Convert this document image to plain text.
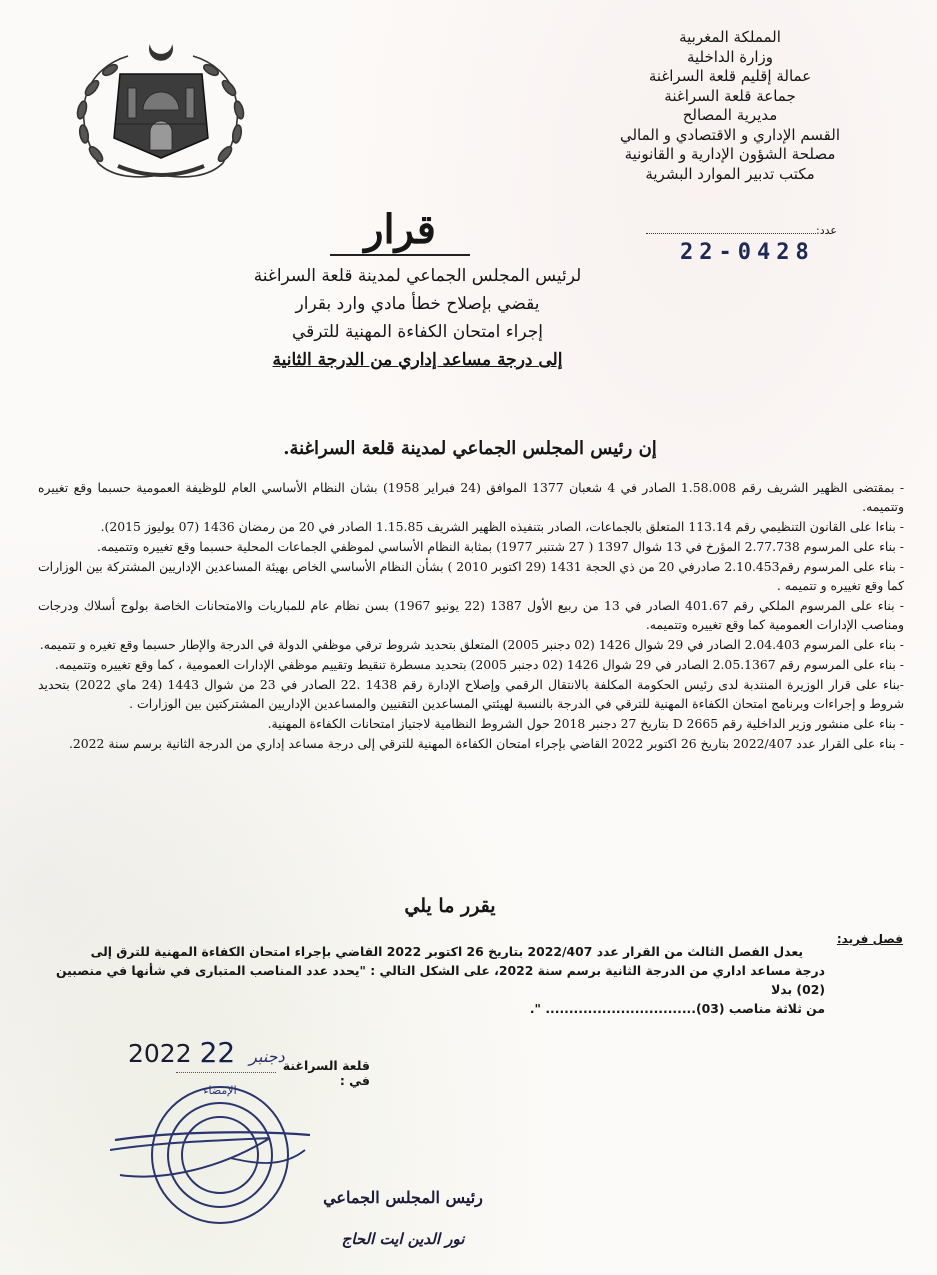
المملكة المغربية
وزارة الداخلية
عمالة إقليم قلعة السراغنة
جماعة قلعة السراغنة
مديرية المصالح
القسم الإداري و الاقتصادي و المالي
مصلحة الشؤون الإدارية و القانونية
مكتب تدبير الموارد البشرية
عدد:
22-0428
قرار
لرئيس المجلس الجماعي لمدينة قلعة السراغنة
يقضي بإصلاح خطأ مادي وارد بقرار
إجراء امتحان الكفاءة المهنية للترقي
إلى درجة مساعد إداري من الدرجة الثانية
إن رئيس المجلس الجماعي لمدينة قلعة السراغنة.

- بمقتضى الظهير الشريف رقم 1.58.008 الصادر في 4 شعبان 1377 الموافق (24 فبراير 1958) بشان النظام الأساسي العام للوظيفة العمومية حسبما وقع تغييره وتتميمه.

- بناءا على القانون التنظيمي رقم 113.14 المتعلق بالجماعات، الصادر بتنفيذه الظهير الشريف 1.15.85 الصادر في 20 من رمضان 1436 (07 يوليوز 2015).

- بناء على المرسوم 2.77.738 المؤرخ في 13 شوال 1397 ( 27 شتنبر 1977) بمثابة النظام الأساسي لموظفي الجماعات المحلية حسبما وقع تغييره وتتميمه.

- بناء على المرسوم رقم2.10.453 صادرفي 20 من ذي الحجة 1431 (29 اكتوبر 2010 ) بشأن النظام الأساسي الخاص بهيئة المساعدين الإداريين المشتركة بين الوزارات كما وقع تغييره و تتميمه .

- بناء على المرسوم الملكي رقم 401.67 الصادر في 13 من ربيع الأول 1387 (22 يونيو 1967) بسن نظام عام للمباريات والامتحانات الخاصة بولوج أسلاك ودرجات ومناصب الإدارات العمومية كما وقع تغييره وتتميمه.

- بناء على المرسوم 2.04.403 الصادر في 29 شوال 1426 (02 دجنبر 2005) المتعلق بتحديد شروط ترقي موظفي الدولة في الدرجة والإطار حسبما وقع تغيره و تتميمه.

- بناء على المرسوم رقم 2.05.1367 الصادر في 29 شوال 1426 (02 دجنبر 2005) بتحديد مسطرة تنقيط وتقييم موظفي الإدارات العمومية ، كما وقع تغييره وتتميمه.

-بناء على قرار الوزيرة المنتدبة لدى رئيس الحكومة المكلفة بالانتقال الرقمي وإصلاح الإدارة رقم 1438 .22 الصادر في 23 من شوال 1443 (24 ماي 2022) بتحديد شروط و إجراءات وبرنامج امتحان الكفاءة المهنية للترقي في الدرجة بالنسبة لهيئتي المساعدين التقنيين والمساعدين الإداريين المشتركتين بين الوزارات .

- بناء على منشور وزير الداخلية رقم D 2665 بتاريخ 27 دجنبر 2018 حول الشروط النظامية لاجتياز امتحانات الكفاءة المهنية.

- بناء على القرار عدد 2022/407 بتاريخ 26 اكتوبر 2022 القاضي بإجراء امتحان الكفاءة المهنية للترقي إلى درجة مساعد إداري من الدرجة الثانية برسم سنة 2022.

يقرر ما يلي
فصل فريد:
يعدل الفصل الثالث من القرار عدد 2022/407 بتاريخ 26 اكتوبر 2022 القاضي بإجراء امتحان الكفاءة المهنية للترق إلى
درجة مساعد اداري من الدرجة الثانية برسم سنة 2022، على الشكل التالي : "يحدد عدد المناصب المتبارى في شأنها في منصبين (02) بدلا
من ثلاثة مناصب (03)................................ ".
قلعة السراغنة في :
2022	دجنبر 22
الإمضاء
رئيس المجلس الجماعي
نور الدين ايت الحاج
